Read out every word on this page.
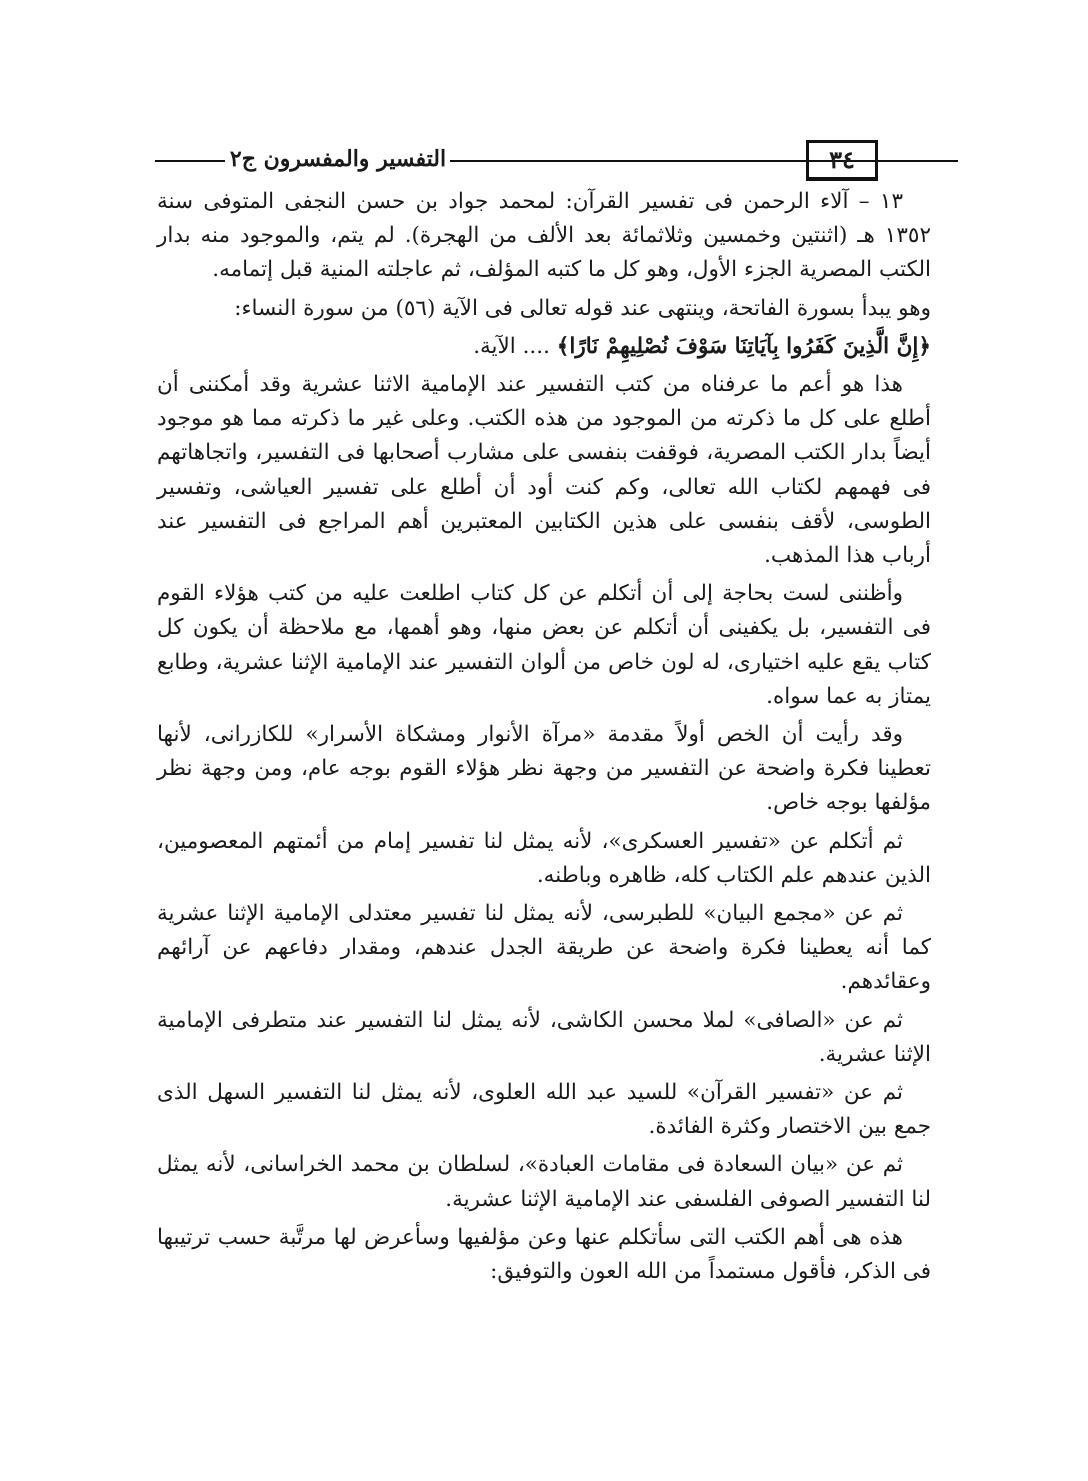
التفسير والمفسرون ج٢	٣٤

١٣ – آلاء الرحمن فى تفسير القرآن: لمحمد جواد بن حسن النجفى المتوفى سنة ١٣٥٢ هـ (اثنتين وخمسين وثلاثمائة بعد الألف من الهجرة). لم يتم، والموجود منه بدار الكتب المصرية الجزء الأول، وهو كل ما كتبه المؤلف، ثم عاجلته المنية قبل إتمامه.

وهو يبدأ بسورة الفاتحة، وينتهى عند قوله تعالى فى الآية (٥٦) من سورة النساء:

﴿إِنَّ الَّذِينَ كَفَرُوا بِآيَاتِنَا سَوْفَ نُصْلِيهِمْ نَارًا﴾ .... الآية.

هذا هو أعم ما عرفناه من كتب التفسير عند الإمامية الاثنا عشرية وقد أمكننى أن أطلع على كل ما ذكرته من الموجود من هذه الكتب. وعلى غير ما ذكرته مما هو موجود أيضاً بدار الكتب المصرية، فوقفت بنفسى على مشارب أصحابها فى التفسير، واتجاهاتهم فى فهمهم لكتاب الله تعالى، وكم كنت أود أن أطلع على تفسير العياشى، وتفسير الطوسى، لأقف بنفسى على هذين الكتابين المعتبرين أهم المراجع فى التفسير عند أرباب هذا المذهب.

وأظننى لست بحاجة إلى أن أتكلم عن كل كتاب اطلعت عليه من كتب هؤلاء القوم فى التفسير، بل يكفينى أن أتكلم عن بعض منها، وهو أهمها، مع ملاحظة أن يكون كل كتاب يقع عليه اختيارى، له لون خاص من ألوان التفسير عند الإمامية الإثنا عشرية، وطابع يمتاز به عما سواه.

وقد رأيت أن الخص أولاً مقدمة «مرآة الأنوار ومشكاة الأسرار» للكازرانى، لأنها تعطينا فكرة واضحة عن التفسير من وجهة نظر هؤلاء القوم بوجه عام، ومن وجهة نظر مؤلفها بوجه خاص.

ثم أتكلم عن «تفسير العسكرى»، لأنه يمثل لنا تفسير إمام من أئمتهم المعصومين، الذين عندهم علم الكتاب كله، ظاهره وباطنه.

ثم عن «مجمع البيان» للطبرسى، لأنه يمثل لنا تفسير معتدلى الإمامية الإثنا عشرية كما أنه يعطينا فكرة واضحة عن طريقة الجدل عندهم، ومقدار دفاعهم عن آرائهم وعقائدهم.

ثم عن «الصافى» لملا محسن الكاشى، لأنه يمثل لنا التفسير عند متطرفى الإمامية الإثنا عشرية.

ثم عن «تفسير القرآن» للسيد عبد الله العلوى، لأنه يمثل لنا التفسير السهل الذى جمع بين الاختصار وكثرة الفائدة.

ثم عن «بيان السعادة فى مقامات العبادة»، لسلطان بن محمد الخراسانى، لأنه يمثل لنا التفسير الصوفى الفلسفى عند الإمامية الإثنا عشرية.

هذه هى أهم الكتب التى سأتكلم عنها وعن مؤلفيها وسأعرض لها مرتَّبة حسب ترتيبها فى الذكر، فأقول مستمداً من الله العون والتوفيق:
